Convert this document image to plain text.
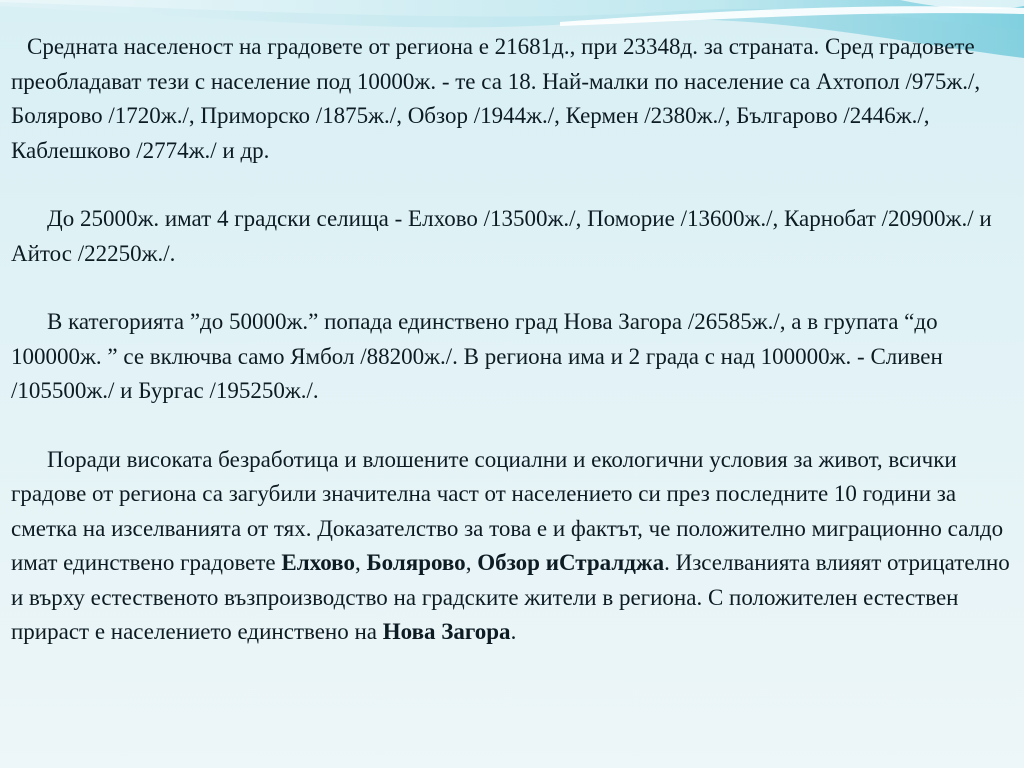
Средната населеност на градовете от региона е 21681д., при 23348д. за страната. Сред градовете преобладават тези с население под 10000ж. - те са 18. Най-малки по население са Ахтопол /975ж./, Болярово /1720ж./, Приморско /1875ж./, Обзор /1944ж./, Кермен /2380ж./, Българово /2446ж./, Каблешково /2774ж./ и др.

До 25000ж. имат 4 градски селища - Елхово /13500ж./, Поморие /13600ж./, Карнобат /20900ж./ и Айтос /22250ж./.

В категорията ”до 50000ж.” попада единствено град Нова Загора /26585ж./, а в групата “до 100000ж. ” се включва само Ямбол /88200ж./. В региона има и 2 града с над 100000ж. - Сливен /105500ж./ и Бургас /195250ж./.

Поради високата безработица и влошените социални и екологични условия за живот, всички градове от региона са загубили значителна част от населението си през последните 10 години за сметка на изселванията от тях. Доказателство за това е и фактът, че положително миграционно салдо имат единствено градовете Елхово, Болярово, Обзор иСтралджа. Изселванията влияят отрицателно и върху естественото възпроизводство на градските жители в региона. С положителен естествен прираст е населението единствено на Нова Загора.
